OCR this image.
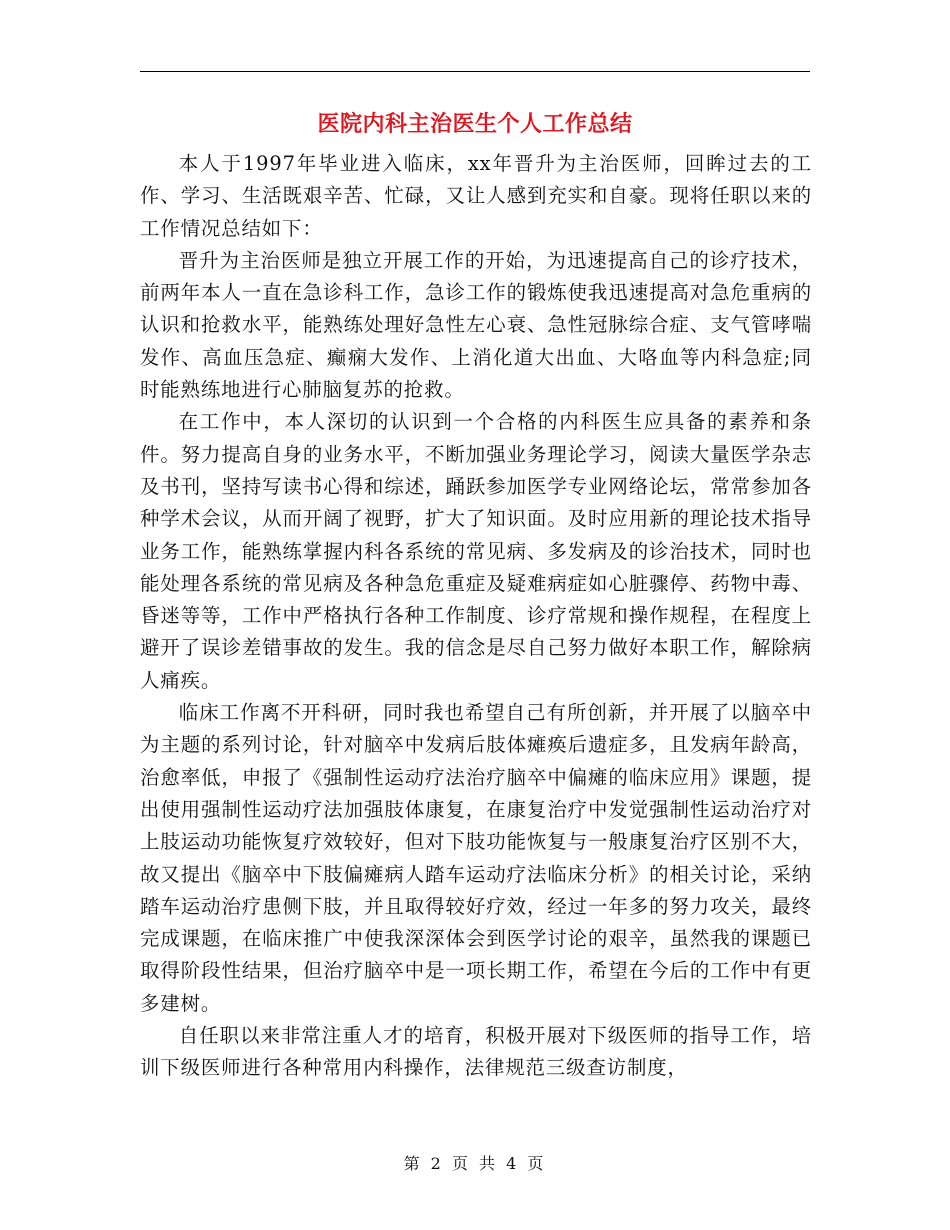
医院内科主治医生个人工作总结

本人于1997年毕业进入临床，xx年晋升为主治医师，回眸过去的工作、学习、生活既艰辛苦、忙碌，又让人感到充实和自豪。现将任职以来的工作情况总结如下：

晋升为主治医师是独立开展工作的开始，为迅速提高自己的诊疗技术，前两年本人一直在急诊科工作，急诊工作的锻炼使我迅速提高对急危重病的认识和抢救水平，能熟练处理好急性左心衰、急性冠脉综合症、支气管哮喘发作、高血压急症、癫痫大发作、上消化道大出血、大咯血等内科急症;同时能熟练地进行心肺脑复苏的抢救。

在工作中，本人深切的认识到一个合格的内科医生应具备的素养和条件。努力提高自身的业务水平，不断加强业务理论学习，阅读大量医学杂志及书刊，坚持写读书心得和综述，踊跃参加医学专业网络论坛，常常参加各种学术会议，从而开阔了视野，扩大了知识面。及时应用新的理论技术指导业务工作，能熟练掌握内科各系统的常见病、多发病及的诊治技术，同时也能处理各系统的常见病及各种急危重症及疑难病症如心脏骤停、药物中毒、昏迷等等，工作中严格执行各种工作制度、诊疗常规和操作规程，在程度上避开了误诊差错事故的发生。我的信念是尽自己努力做好本职工作，解除病人痛疾。

临床工作离不开科研，同时我也希望自己有所创新，并开展了以脑卒中为主题的系列讨论，针对脑卒中发病后肢体瘫痪后遗症多，且发病年龄高，治愈率低，申报了《强制性运动疗法治疗脑卒中偏瘫的临床应用》课题，提出使用强制性运动疗法加强肢体康复，在康复治疗中发觉强制性运动治疗对上肢运动功能恢复疗效较好，但对下肢功能恢复与一般康复治疗区别不大，故又提出《脑卒中下肢偏瘫病人踏车运动疗法临床分析》的相关讨论，采纳踏车运动治疗患侧下肢，并且取得较好疗效，经过一年多的努力攻关，最终完成课题，在临床推广中使我深深体会到医学讨论的艰辛，虽然我的课题已取得阶段性结果，但治疗脑卒中是一项长期工作，希望在今后的工作中有更多建树。

自任职以来非常注重人才的培育，积极开展对下级医师的指导工作，培训下级医师进行各种常用内科操作，法律规范三级查访制度，

第 2 页 共 4 页
